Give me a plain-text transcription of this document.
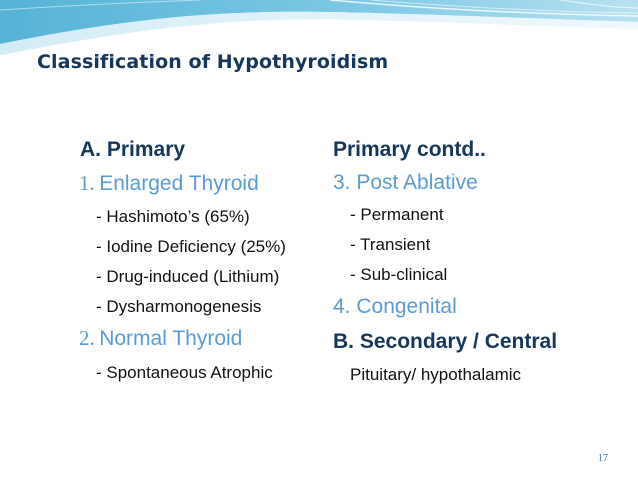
Classification of Hypothyroidism
A. Primary
1. Enlarged Thyroid
- Hashimoto’s (65%)
- Iodine Deficiency (25%)
- Drug-induced (Lithium)
- Dysharmonogenesis
2. Normal Thyroid
- Spontaneous Atrophic
Primary contd..
3. Post Ablative
- Permanent
- Transient
- Sub-clinical
4. Congenital
B. Secondary / Central
Pituitary/ hypothalamic
17
